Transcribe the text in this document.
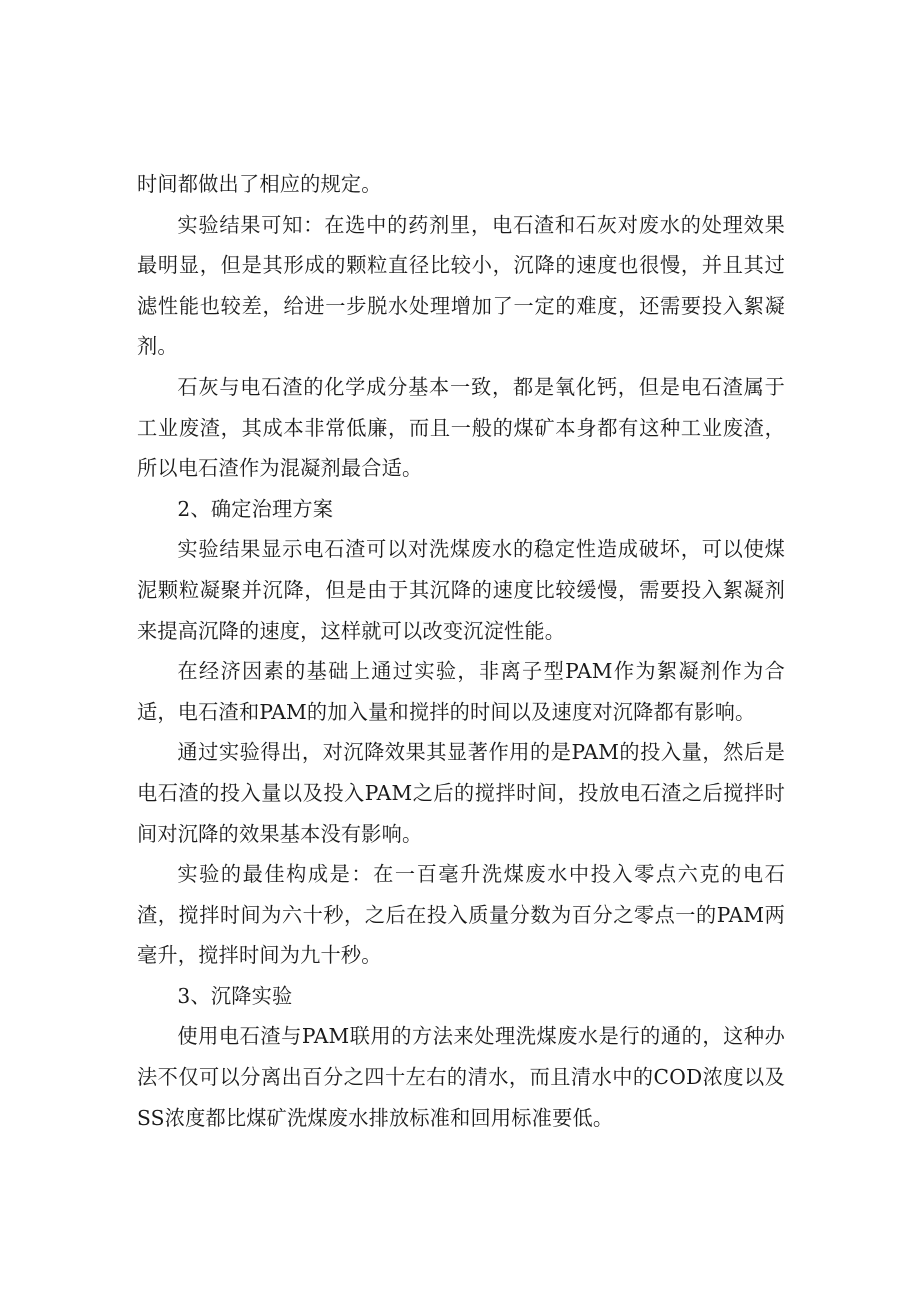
时间都做出了相应的规定。

实验结果可知：在选中的药剂里，电石渣和石灰对废水的处理效果最明显，但是其形成的颗粒直径比较小，沉降的速度也很慢，并且其过滤性能也较差，给进一步脱水处理增加了一定的难度，还需要投入絮凝剂。

石灰与电石渣的化学成分基本一致，都是氧化钙，但是电石渣属于工业废渣，其成本非常低廉，而且一般的煤矿本身都有这种工业废渣，所以电石渣作为混凝剂最合适。

2、确定治理方案

实验结果显示电石渣可以对洗煤废水的稳定性造成破坏，可以使煤泥颗粒凝聚并沉降，但是由于其沉降的速度比较缓慢，需要投入絮凝剂来提高沉降的速度，这样就可以改变沉淀性能。

在经济因素的基础上通过实验，非离子型PAM作为絮凝剂作为合适，电石渣和PAM的加入量和搅拌的时间以及速度对沉降都有影响。

通过实验得出，对沉降效果其显著作用的是PAM的投入量，然后是电石渣的投入量以及投入PAM之后的搅拌时间，投放电石渣之后搅拌时间对沉降的效果基本没有影响。

实验的最佳构成是：在一百毫升洗煤废水中投入零点六克的电石渣，搅拌时间为六十秒，之后在投入质量分数为百分之零点一的PAM两毫升，搅拌时间为九十秒。

3、沉降实验

使用电石渣与PAM联用的方法来处理洗煤废水是行的通的，这种办法不仅可以分离出百分之四十左右的清水，而且清水中的COD浓度以及SS浓度都比煤矿洗煤废水排放标准和回用标准要低。
